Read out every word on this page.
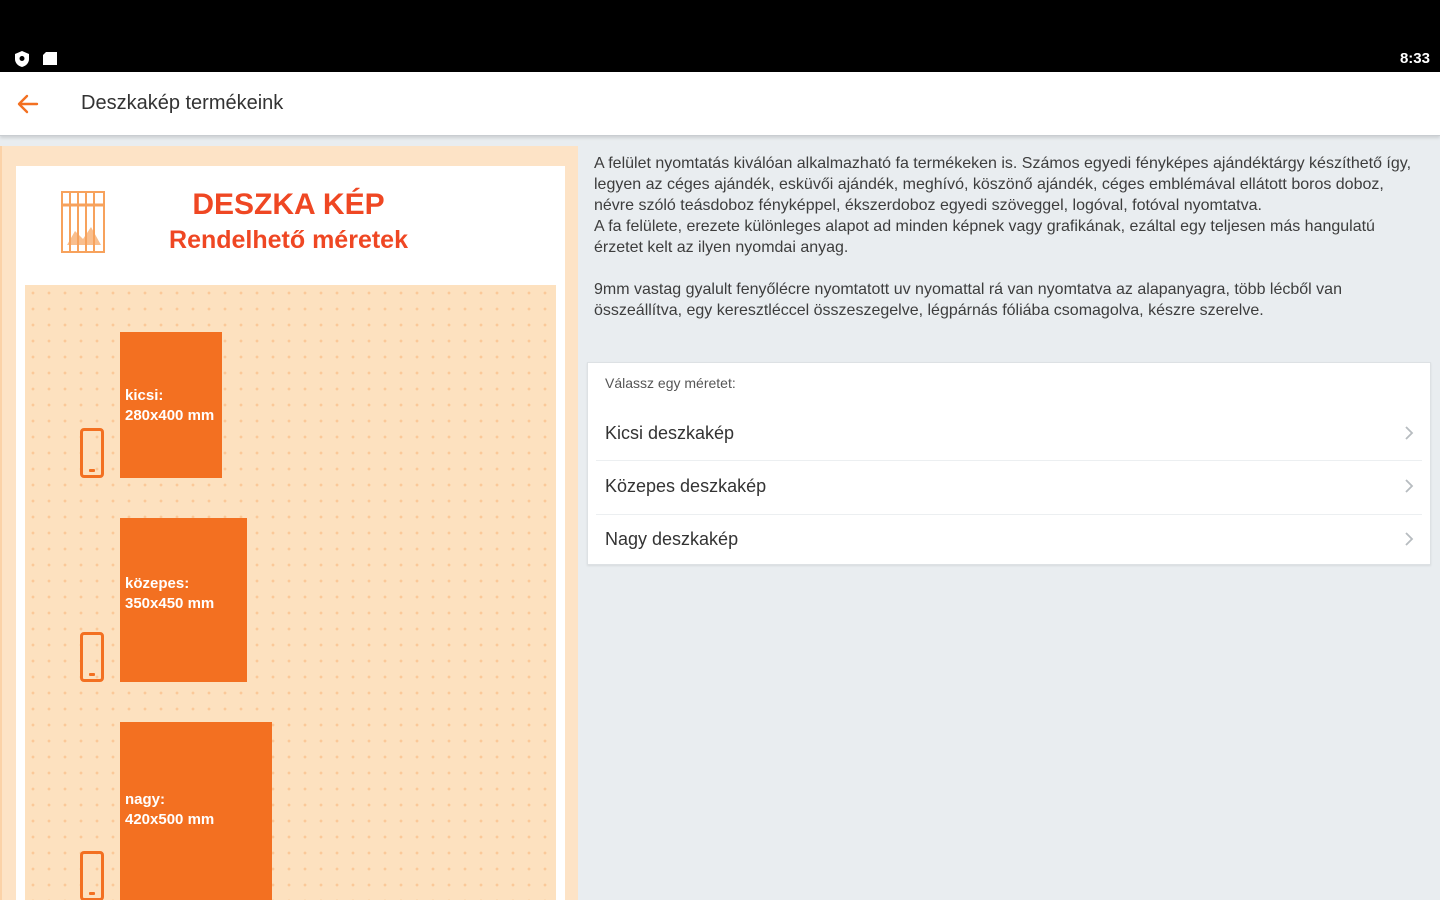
8:33
Deszkakép termékeink
DESZKA KÉP
Rendelhető méretek
kicsi:
280x400 mm
közepes:
350x450 mm
nagy:
420x500 mm

A felület nyomtatás kiválóan alkalmazható fa termékeken is. Számos egyedi fényképes ajándéktárgy készíthető így, legyen az céges ajándék, esküvői ajándék, meghívó, köszönő ajándék, céges emblémával ellátott boros doboz, névre szóló teásdoboz fényképpel, ékszerdoboz egyedi szöveggel, logóval, fotóval nyomtatva.

A fa felülete, erezete különleges alapot ad minden képnek vagy grafikának, ezáltal egy teljesen más hangulatú érzetet kelt az ilyen nyomdai anyag.

9mm vastag gyalult fenyőlécre nyomtatott uv nyomattal rá van nyomtatva az alapanyagra, több lécből van összeállítva, egy keresztléccel összeszegelve, légpárnás fóliába csomagolva, készre szerelve.

Válassz egy méretet:
Kicsi deszkakép
Közepes deszkakép
Nagy deszkakép
